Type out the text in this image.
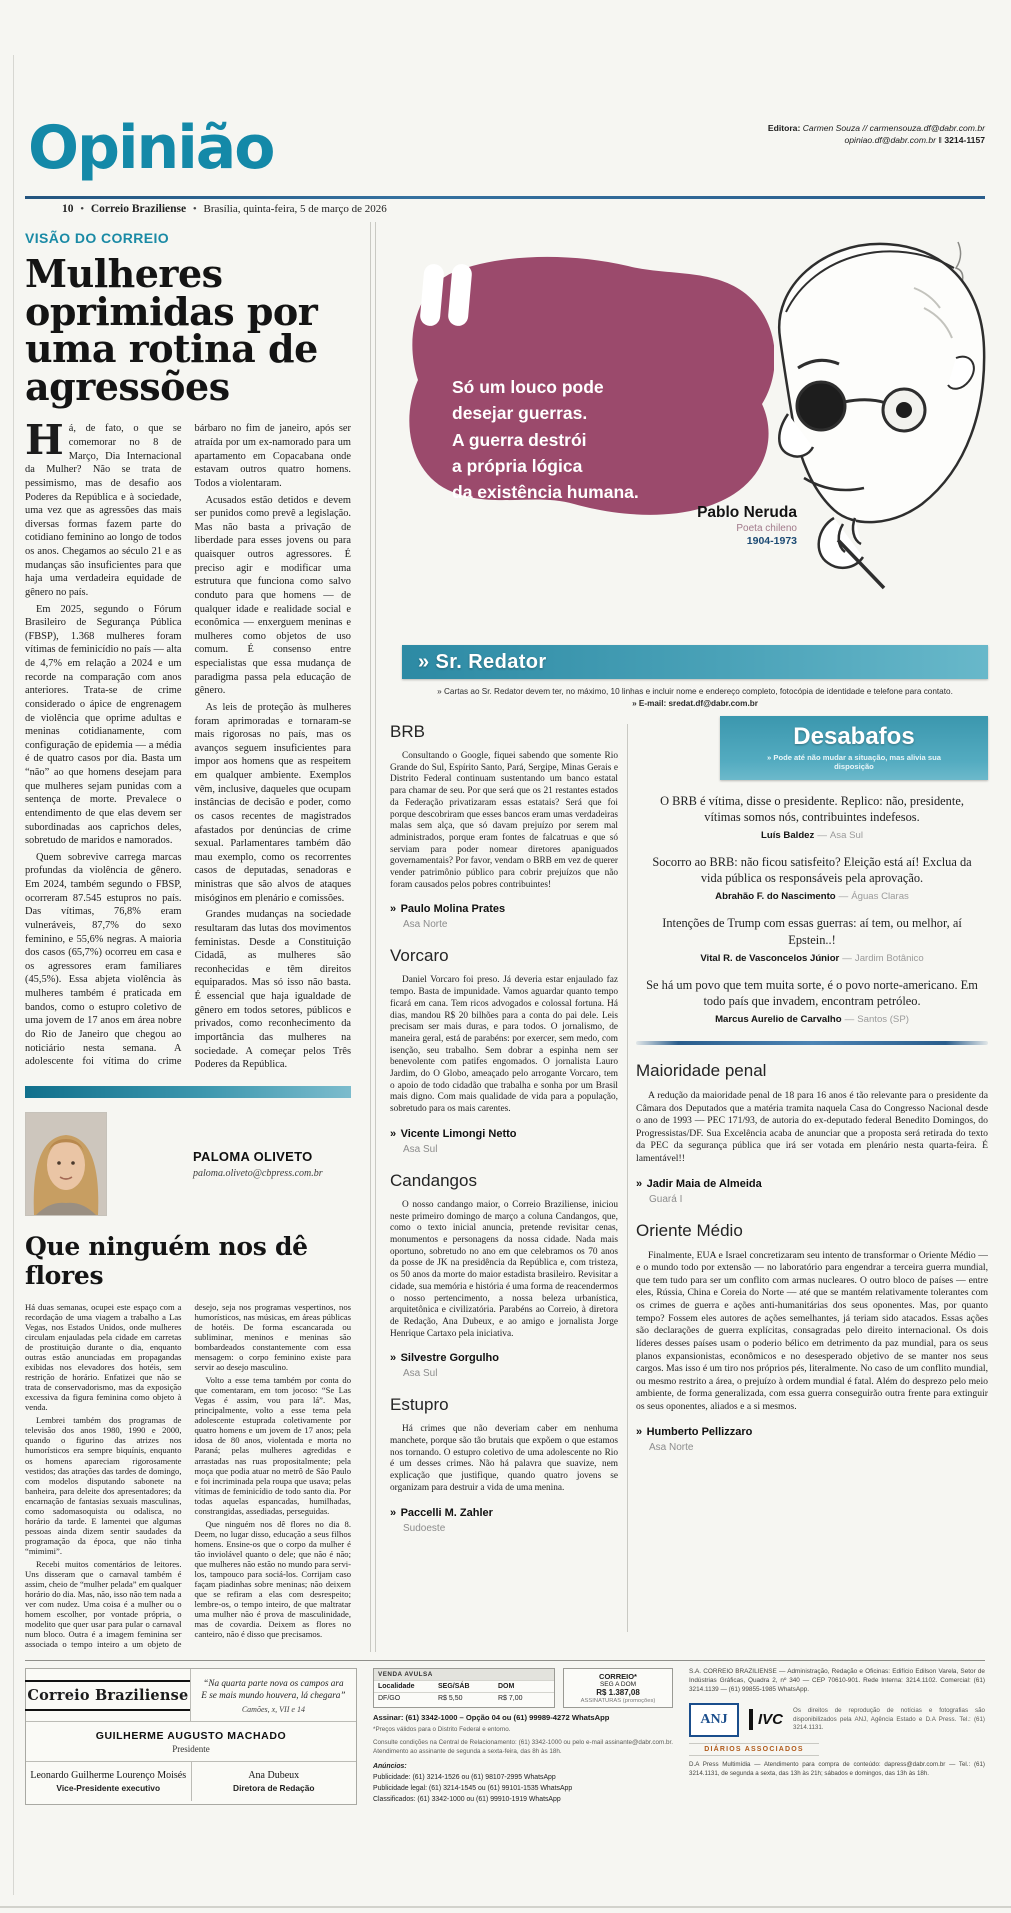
Opinião
10 • Correio Braziliense • Brasília, quinta-feira, 5 de março de 2026
Editora: Carmen Souza // carmensouza.df@dabr.com.br
opiniao.df@dabr.com.br ‖ 3214-1157
VISÃO DO CORREIO
Mulheres oprimidas por uma rotina de agressões

Há, de fato, o que se comemorar no 8 de Março, Dia Internacional da Mulher? Não se trata de pessimismo, mas de desafio aos Poderes da República e à sociedade, uma vez que as agressões das mais diversas formas fazem parte do cotidiano feminino ao longo de todos os anos. Chegamos ao século 21 e as mudanças são insuficientes para que haja uma verdadeira equidade de gênero no país.

Em 2025, segundo o Fórum Brasileiro de Segurança Pública (FBSP), 1.368 mulheres foram vítimas de feminicídio no país — alta de 4,7% em relação a 2024 e um recorde na comparação com anos anteriores. Trata-se de crime considerado o ápice de engrenagem de violência que oprime adultas e meninas cotidianamente, com configuração de epidemia — a média é de quatro casos por dia. Basta um “não” ao que homens desejam para que mulheres sejam punidas com a sentença de morte. Prevalece o entendimento de que elas devem ser subordinadas aos caprichos deles, sobretudo de maridos e namorados.

Quem sobrevive carrega marcas profundas da violência de gênero. Em 2024, também segundo o FBSP, ocorreram 87.545 estupros no país. Das vítimas, 76,8% eram vulneráveis, 87,7% do sexo feminino, e 55,6% negras. A maioria dos casos (65,7%) ocorreu em casa e os agressores eram familiares (45,5%). Essa abjeta violência às mulheres também é praticada em bandos, como o estupro coletivo de uma jovem de 17 anos em área nobre do Rio de Janeiro que chegou ao noticiário nesta semana. A adolescente foi vítima do crime bárbaro no fim de janeiro, após ser atraída por um ex-namorado para um apartamento em Copacabana onde estavam outros quatro homens. Todos a violentaram.

Acusados estão detidos e devem ser punidos como prevê a legislação. Mas não basta a privação de liberdade para esses jovens ou para quaisquer outros agressores. É preciso agir e modificar uma estrutura que funciona como salvo conduto para que homens — de qualquer idade e realidade social e econômica — enxerguem meninas e mulheres como objetos de uso comum. É consenso entre especialistas que essa mudança de paradigma passa pela educação de gênero.

As leis de proteção às mulheres foram aprimoradas e tornaram-se mais rigorosas no país, mas os avanços seguem insuficientes para impor aos homens que as respeitem em qualquer ambiente. Exemplos vêm, inclusive, daqueles que ocupam instâncias de decisão e poder, como os casos recentes de magistrados afastados por denúncias de crime sexual. Parlamentares também dão mau exemplo, como os recorrentes casos de deputadas, senadoras e ministras que são alvos de ataques misóginos em plenário e comissões.

Grandes mudanças na sociedade resultaram das lutas dos movimentos feministas. Desde a Constituição Cidadã, as mulheres são reconhecidas e têm direitos equiparados. Mas só isso não basta. É essencial que haja igualdade de gênero em todos setores, públicos e privados, como reconhecimento da importância das mulheres na sociedade. A começar pelos Três Poderes da República.

PALOMA OLIVETO
paloma.oliveto@cbpress.com.br
Que ninguém nos dê flores

Há duas semanas, ocupei este espaço com a recordação de uma viagem a trabalho a Las Vegas, nos Estados Unidos, onde mulheres circulam enjauladas pela cidade em carretas de prostituição durante o dia, enquanto outras estão anunciadas em propagandas exibidas nos elevadores dos hotéis, sem restrição de horário. Enfatizei que não se trata de conservadorismo, mas da exposição excessiva da figura feminina como objeto à venda.

Lembrei também dos programas de televisão dos anos 1980, 1990 e 2000, quando o figurino das atrizes nos humorísticos era sempre biquínis, enquanto os homens apareciam rigorosamente vestidos; das atrações das tardes de domingo, com modelos disputando sabonete na banheira, para deleite dos apresentadores; da encarnação de fantasias sexuais masculinas, como sadomasoquista ou odalisca, no horário da tarde. E lamentei que algumas pessoas ainda dizem sentir saudades da programação da época, que não tinha “mimimi”.

Recebi muitos comentários de leitores. Uns disseram que o carnaval também é assim, cheio de “mulher pelada” em qualquer horário do dia. Mas, não, isso não tem nada a ver com nudez. Uma coisa é a mulher ou o homem escolher, por vontade própria, o modelito que quer usar para pular o carnaval num bloco. Outra é a imagem feminina ser associada o tempo inteiro a um objeto de desejo, seja nos programas vespertinos, nos humorísticos, nas músicas, em áreas públicas de hotéis. De forma escancarada ou subliminar, meninos e meninas são bombardeados constantemente com essa mensagem: o corpo feminino existe para servir ao desejo masculino.

Volto a esse tema também por conta do que comentaram, em tom jocoso: “Se Las Vegas é assim, vou para lá”. Mas, principalmente, volto a esse tema pela adolescente estuprada coletivamente por quatro homens e um jovem de 17 anos; pela idosa de 80 anos, violentada e morta no Paraná; pelas mulheres agredidas e arrastadas nas ruas propositalmente; pela moça que podia atuar no metrô de São Paulo e foi incriminada pela roupa que usava; pelas vítimas de feminicídio de todo santo dia. Por todas aquelas espancadas, humilhadas, constrangidas, assediadas, perseguidas.

Que ninguém nos dê flores no dia 8. Deem, no lugar disso, educação a seus filhos homens. Ensine-os que o corpo da mulher é tão inviolável quanto o dele; que não é não; que mulheres não estão no mundo para servi-los, tampouco para sociá-los. Corrijam caso façam piadinhas sobre meninas; não deixem que se refiram a elas com desrespeito; lembre-os, o tempo inteiro, de que maltratar uma mulher não é prova de masculinidade, mas de covardia. Deixem as flores no canteiro, não é disso que precisamos.

Só um louco pode
desejar guerras.
A guerra destrói
a própria lógica
da existência humana.
Pablo Neruda
Poeta chileno
1904-1973
» Sr. Redator
» Cartas ao Sr. Redator devem ter, no máximo, 10 linhas e incluir nome e endereço completo, fotocópia de identidade e telefone para contato.
» E-mail: sredat.df@dabr.com.br
BRB

Consultando o Google, fiquei sabendo que somente Rio Grande do Sul, Espírito Santo, Pará, Sergipe, Minas Gerais e Distrito Federal continuam sustentando um banco estatal para chamar de seu. Por que será que os 21 restantes estados da Federação privatizaram essas estatais? Será que foi porque descobriram que esses bancos eram umas verdadeiras malas sem alça, que só davam prejuízo por serem mal administrados, porque eram fontes de falcatruas e que só serviam para poder nomear diretores apaniguados governamentais? Por favor, vendam o BRB em vez de querer vender patrimônio público para cobrir prejuízos que não foram causados pelos pobres contribuintes!

» Paulo Molina Prates
Asa Norte
Vorcaro

Daniel Vorcaro foi preso. Já deveria estar enjaulado faz tempo. Basta de impunidade. Vamos aguardar quanto tempo ficará em cana. Tem ricos advogados e colossal fortuna. Há dias, mandou R$ 20 bilhões para a conta do pai dele. Leis precisam ser mais duras, e para todos. O jornalismo, de maneira geral, está de parabéns: por exercer, sem medo, com isenção, seu trabalho. Sem dobrar a espinha nem ser benevolente com patifes engomados. O jornalista Lauro Jardim, do O Globo, ameaçado pelo arrogante Vorcaro, tem o apoio de todo cidadão que trabalha e sonha por um Brasil mais digno. Com mais qualidade de vida para a população, sobretudo para os mais carentes.

» Vicente Limongi Netto
Asa Sul
Candangos

O nosso candango maior, o Correio Braziliense, iniciou neste primeiro domingo de março a coluna Candangos, que, como o texto inicial anuncia, pretende revisitar cenas, monumentos e personagens da nossa cidade. Nada mais oportuno, sobretudo no ano em que celebramos os 70 anos da posse de JK na presidência da República e, com tristeza, os 50 anos da morte do maior estadista brasileiro. Revisitar a cidade, sua memória e história é uma forma de reacendermos o nosso pertencimento, a nossa beleza urbanística, arquitetônica e civilizatória. Parabéns ao Correio, à diretora de Redação, Ana Dubeux, e ao amigo e jornalista Jorge Henrique Cartaxo pela iniciativa.

» Silvestre Gorgulho
Asa Sul
Estupro

Há crimes que não deveriam caber em nenhuma manchete, porque são tão brutais que expõem o que estamos nos tornando. O estupro coletivo de uma adolescente no Rio é um desses crimes. Não há palavra que suavize, nem explicação que justifique, quando quatro jovens se organizam para destruir a vida de uma menina.

» Paccelli M. Zahler
Sudoeste
Desabafos
» Pode até não mudar a situação, mas alivia sua disposição
O BRB é vítima, disse o presidente. Replico: não, presidente, vítimas somos nós, contribuintes indefesos.
Luís Baldez — Asa Sul
Socorro ao BRB: não ficou satisfeito? Eleição está aí! Exclua da vida pública os responsáveis pela aprovação.
Abrahão F. do Nascimento — Águas Claras
Intenções de Trump com essas guerras: aí tem, ou melhor, aí Epstein..!
Vital R. de Vasconcelos Júnior — Jardim Botânico
Se há um povo que tem muita sorte, é o povo norte-americano. Em todo país que invadem, encontram petróleo.
Marcus Aurelio de Carvalho — Santos (SP)
Maioridade penal

A redução da maioridade penal de 18 para 16 anos é tão relevante para o presidente da Câmara dos Deputados que a matéria tramita naquela Casa do Congresso Nacional desde o ano de 1993 — PEC 171/93, de autoria do ex-deputado federal Benedito Domingos, do Progressistas/DF. Sua Excelência acaba de anunciar que a proposta será retirada do texto da PEC da segurança pública que irá ser votada em plenário nesta quarta-feira. É lamentável!!

» Jadir Maia de Almeida
Guará I
Oriente Médio

Finalmente, EUA e Israel concretizaram seu intento de transformar o Oriente Médio — e o mundo todo por extensão — no laboratório para engendrar a terceira guerra mundial, que tem tudo para ser um conflito com armas nucleares. O outro bloco de países — entre eles, Rússia, China e Coreia do Norte — até que se mantém relativamente tolerantes com os crimes de guerra e ações anti-humanitárias dos seus oponentes. Mas, por quanto tempo? Fossem eles autores de ações semelhantes, já teriam sido atacados. Essas ações são declarações de guerra explícitas, consagradas pelo direito internacional. Os dois líderes desses países usam o poderio bélico em detrimento da paz mundial, para os seus planos expansionistas, econômicos e no desesperado objetivo de se manter nos seus cargos. Mas isso é um tiro nos próprios pés, literalmente. No caso de um conflito mundial, ou mesmo restrito a área, o prejuízo à ordem mundial é fatal. Além do desprezo pelo meio ambiente, de forma generalizada, com essa guerra conseguirão outra frente para extinguir os seus oponentes, aliados e a si mesmos.

» Humberto Pellizzaro
Asa Norte
Correio Braziliense
“Na quarta parte nova os campos ara
E se mais mundo houvera, lá chegara”
Camões, x, VII e 14
GUILHERME AUGUSTO MACHADO
Presidente
Leonardo Guilherme Lourenço Moisés
Vice-Presidente executivo
Ana Dubeux
Diretora de Redação
VENDA AVULSA
Localidade	SEG/SÁB	DOM
DF/GO	R$ 5,50	R$ 7,00
CORREIO*
SEG A DOM
R$ 1.387,08
ASSINATURAS (promoções)
Assinar: (61) 3342-1000 – Opção 04 ou (61) 99989-4272 WhatsApp
*Preços válidos para o Distrito Federal e entorno.
Consulte condições na Central de Relacionamento: (61) 3342-1000 ou pelo e-mail assinante@dabr.com.br. Atendimento ao assinante de segunda a sexta-feira, das 8h às 18h.
Anúncios:
Publicidade: (61) 3214-1526 ou (61) 98107-2995 WhatsApp
Publicidade legal: (61) 3214-1545 ou (61) 99101-1535 WhatsApp
Classificados: (61) 3342-1000 ou (61) 99910-1919 WhatsApp
S.A. CORREIO BRAZILIENSE — Administração, Redação e Oficinas: Edifício Edilson Varela, Setor de Indústrias Gráficas, Quadra 2, nº 340 — CEP 70610-901. Rede Interna: 3214.1102. Comercial: (61) 3214.1139 — (61) 99855-1985 WhatsApp.
ANJ	IVC
Os direitos de reprodução de notícias e fotografias são disponibilizados pela ANJ, Agência Estado e D.A Press. Tel.: (61) 3214.1131.
DIÁRIOS ASSOCIADOS
D.A Press Multimídia — Atendimento para compra de conteúdo: dapress@dabr.com.br — Tel.: (61) 3214.1131, de segunda a sexta, das 13h às 21h; sábados e domingos, das 13h às 18h.
